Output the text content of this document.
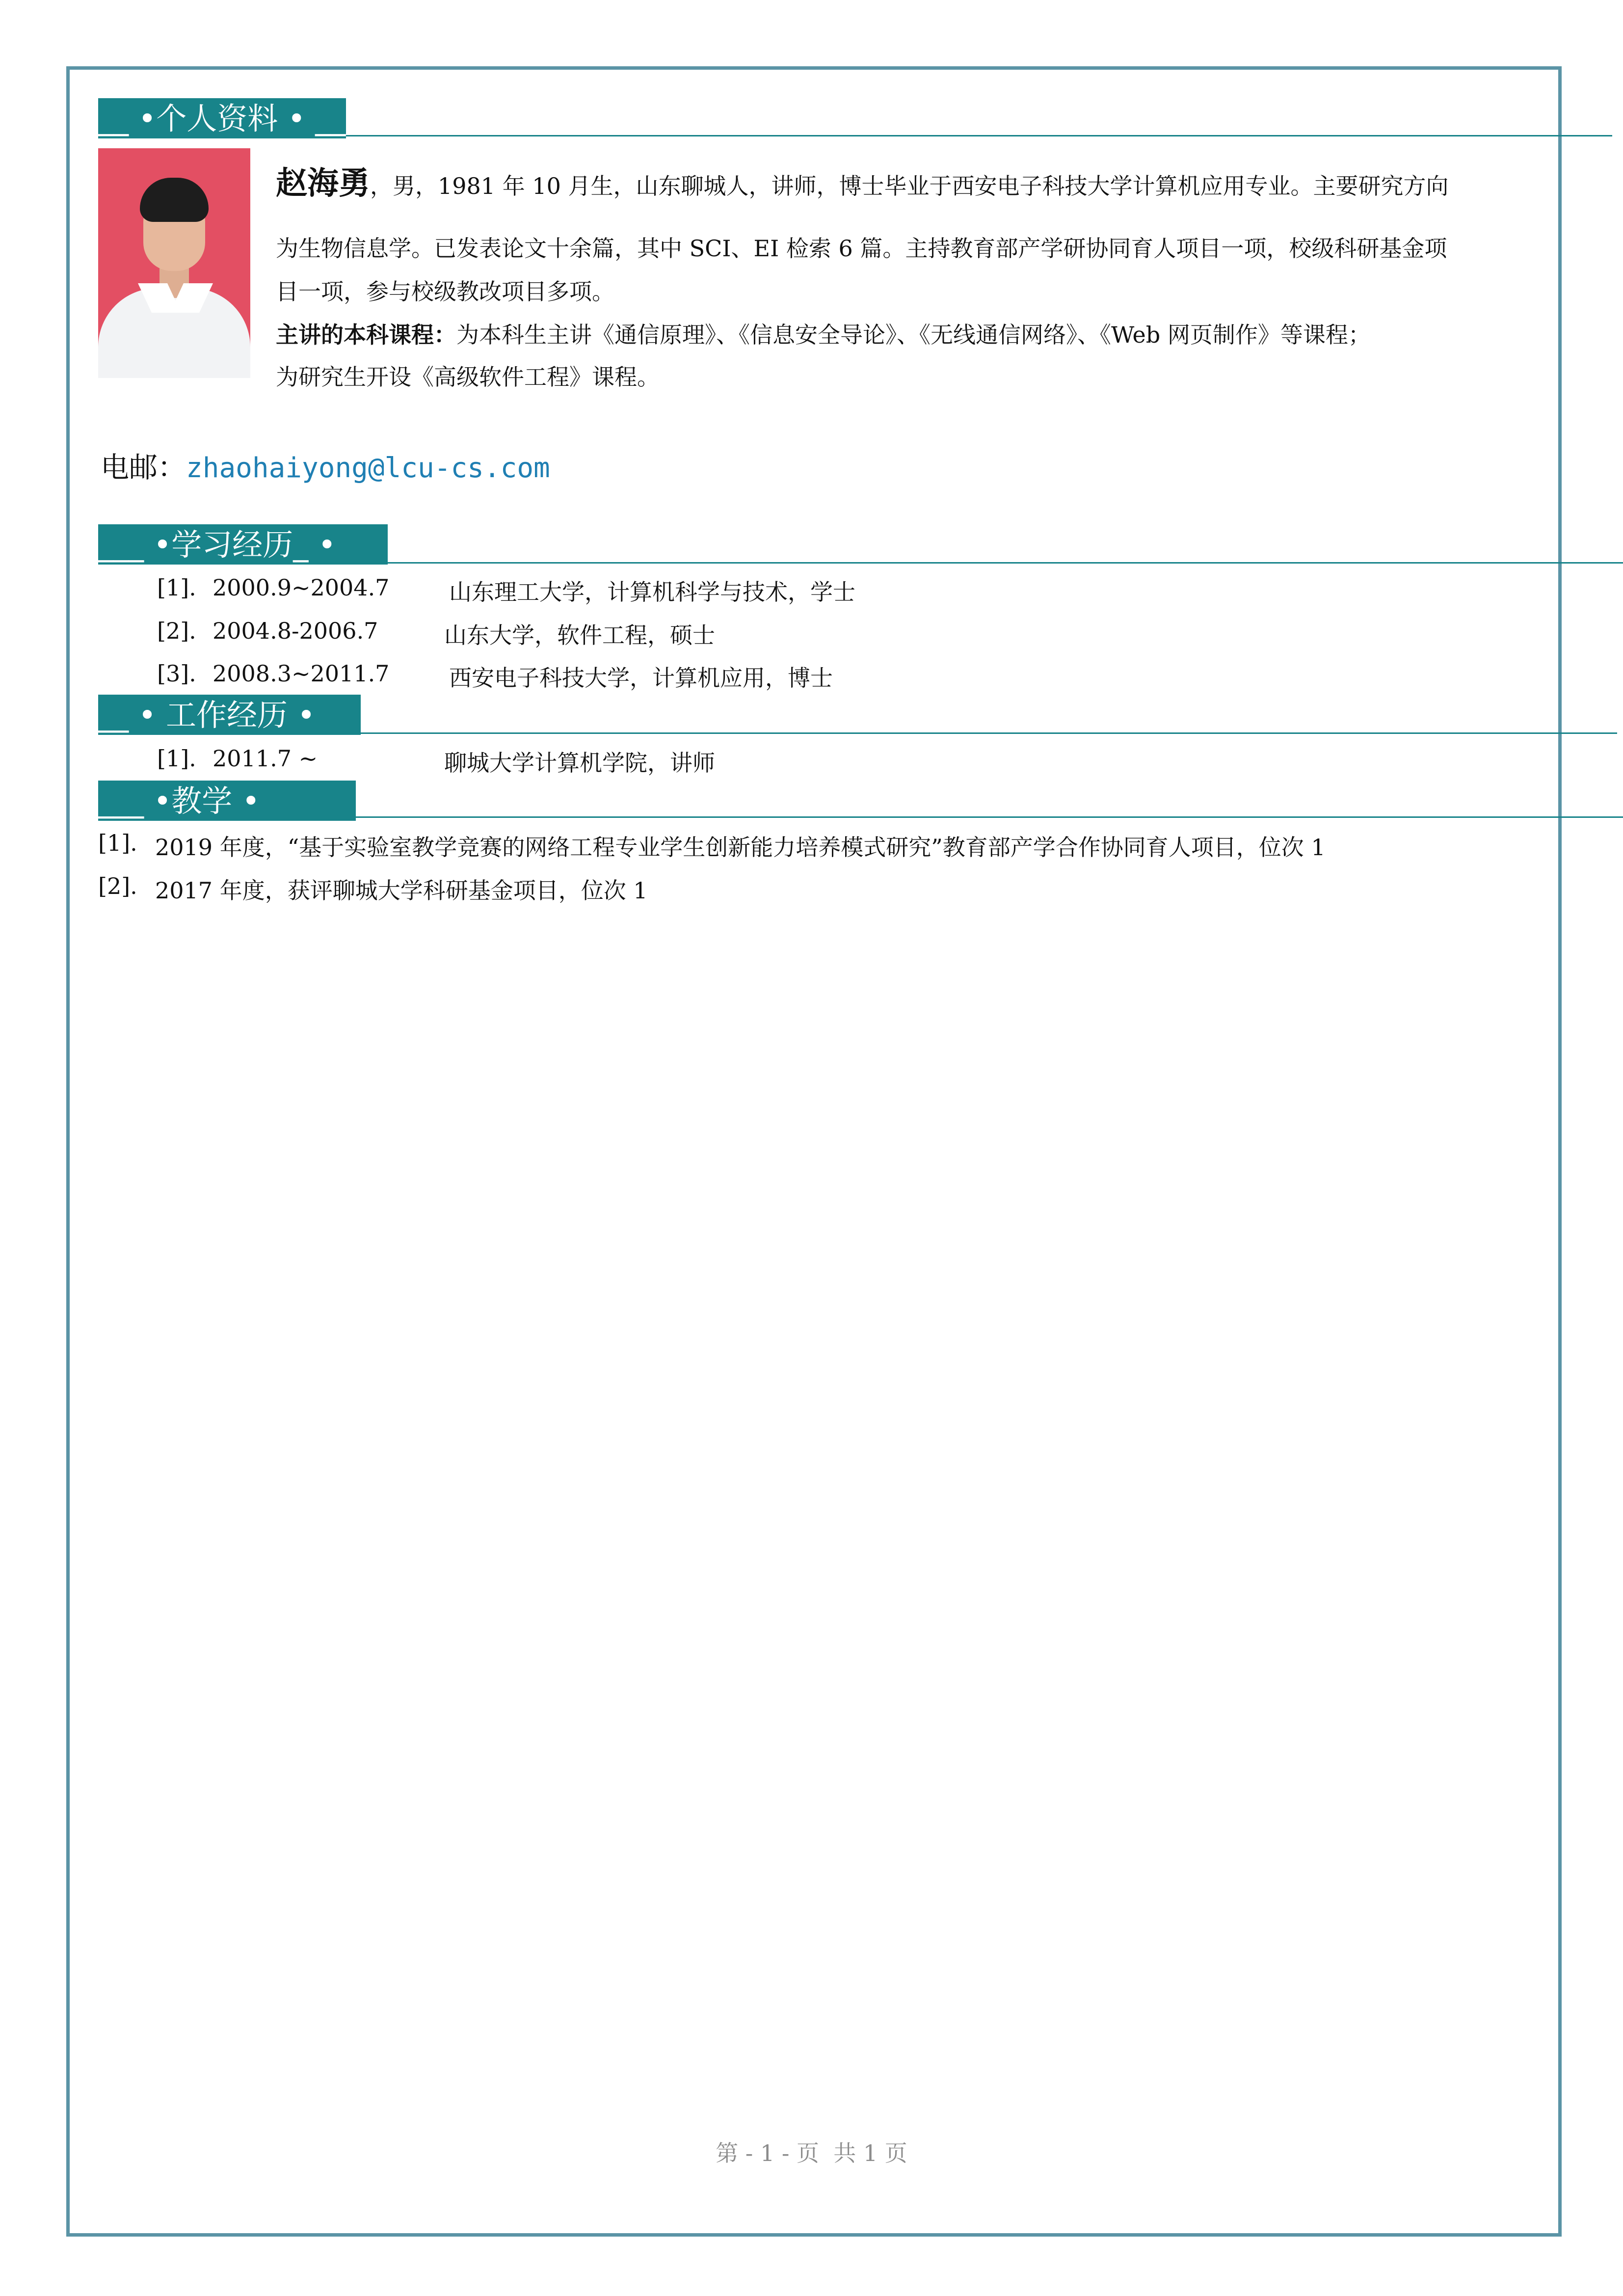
__ •个人资料 • __
赵海勇，男，1981 年 10 月生，山东聊城人，讲师，博士毕业于西安电子科技大学计算机应用专业。主要研究方向
为生物信息学。已发表论文十余篇，其中 SCI、EI 检索 6 篇。主持教育部产学研协同育人项目一项，校级科研基金项
目一项，参与校级教改项目多项。
主讲的本科课程：为本科生主讲《通信原理》、《信息安全导论》、《无线通信网络》、《Web 网页制作》等课程；
为研究生开设《高级软件工程》课程。
电邮：zhaohaiyong@lcu-cs.com
___ •学习经历_ •
[1]. 2000.9~2004.7	山东理工大学，计算机科学与技术，学士
[2]. 2004.8-2006.7	山东大学，软件工程，硕士
[3]. 2008.3~2011.7	西安电子科技大学，计算机应用，博士
__ • 工作经历 •
[1]. 2011.7 ~	聊城大学计算机学院，讲师
___ •教学 •
[1]. 2019 年度，“基于实验室教学竞赛的网络工程专业学生创新能力培养模式研究”教育部产学合作协同育人项目，位次 1
[2]. 2017 年度，获评聊城大学科研基金项目，位次 1
第 - 1 - 页  共 1 页
